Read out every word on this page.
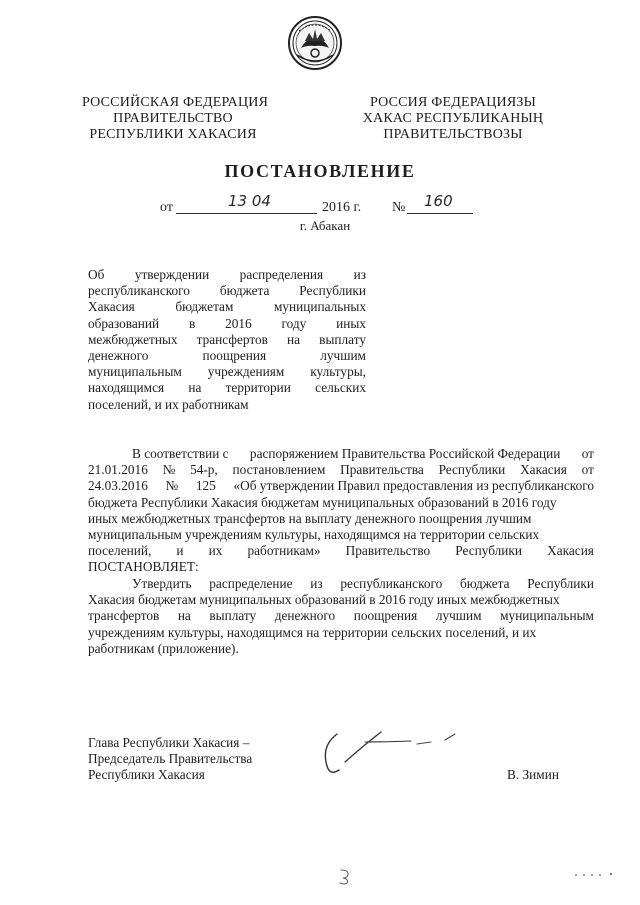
РОССИЙСКАЯ ФЕДЕРАЦИЯ
ПРАВИТЕЛЬСТВО
РЕСПУБЛИКИ ХАКАСИЯ
РОССИЯ ФЕДЕРАЦИЯЗЫ
ХАКАС РЕСПУБЛИКАНЫҢ
ПРАВИТЕЛЬСТВОЗЫ
ПОСТАНОВЛЕНИЕ
от	13 04	2016 г. № 160
г. Абакан
Об утверждении распределения из
республиканского бюджета Республики
Хакасия	бюджетам	муниципальных
образований в 2016 году иных
межбюджетных трансфертов на выплату
денежного	поощрения	лучшим
муниципальным учреждениям культуры,
находящимся на территории сельских
поселений, и их работникам
В соответствии с распоряжением Правительства Российской Федерации от
21.01.2016 № 54-р, постановлением Правительства Республики Хакасия от
24.03.2016 № 125 «Об утверждении Правил предоставления из республиканского
бюджета Республики Хакасия бюджетам муниципальных образований в 2016 году
иных межбюджетных трансфертов на выплату денежного поощрения лучшим
муниципальным учреждениям культуры, находящимся на территории сельских
поселений, и их работникам» Правительство Республики Хакасия
ПОСТАНОВЛЯЕТ:
Утвердить распределение из республиканского бюджета Республики
Хакасия бюджетам муниципальных образований в 2016 году иных межбюджетных
трансфертов на выплату денежного поощрения лучшим муниципальным
учреждениям культуры, находящимся на территории сельских поселений, и их
работникам (приложение).
Глава Республики Хакасия –
Председатель Правительства
Республики Хакасия	В. Зимин
